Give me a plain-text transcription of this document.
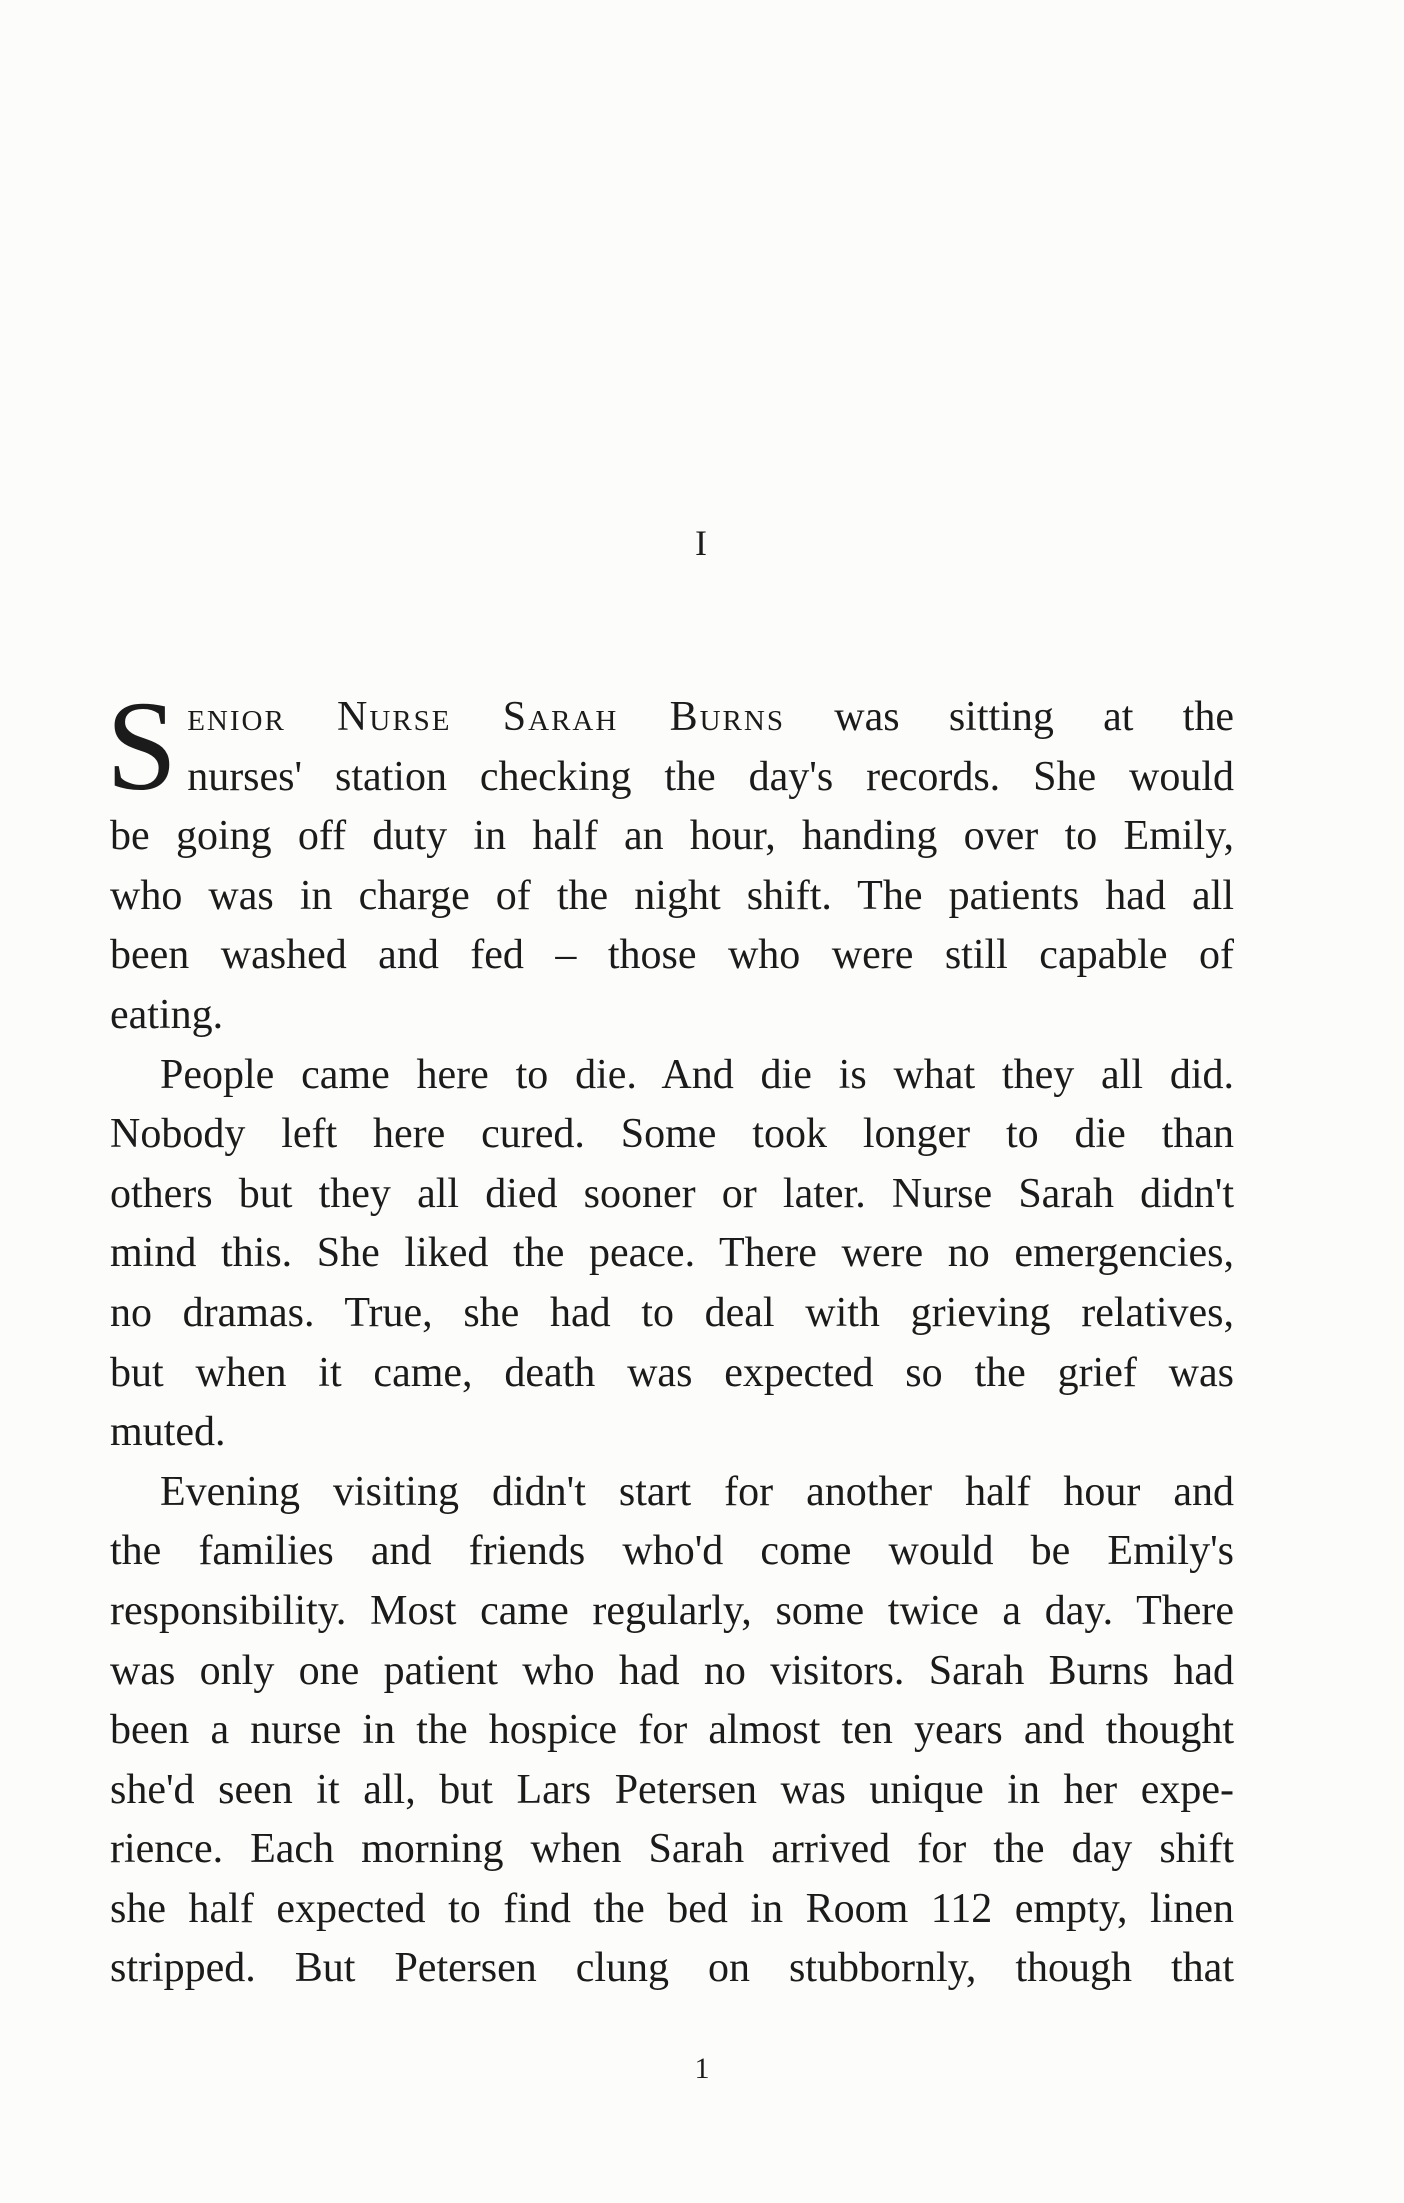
I
S enior Nurse Sarah Burns was sitting at the
nurses' station checking the day's records. She would
be going off duty in half an hour, handing over to Emily,
who was in charge of the night shift. The patients had all
been washed and fed – those who were still capable of
eating.
People came here to die. And die is what they all did.
Nobody left here cured. Some took longer to die than
others but they all died sooner or later. Nurse Sarah didn't
mind this. She liked the peace. There were no emergencies,
no dramas. True, she had to deal with grieving relatives,
but when it came, death was expected so the grief was
muted.
Evening visiting didn't start for another half hour and
the families and friends who'd come would be Emily's
responsibility. Most came regularly, some twice a day. There
was only one patient who had no visitors. Sarah Burns had
been a nurse in the hospice for almost ten years and thought
she'd seen it all, but Lars Petersen was unique in her expe-
rience. Each morning when Sarah arrived for the day shift
she half expected to find the bed in Room 112 empty, linen
stripped. But Petersen clung on stubbornly, though that
1
